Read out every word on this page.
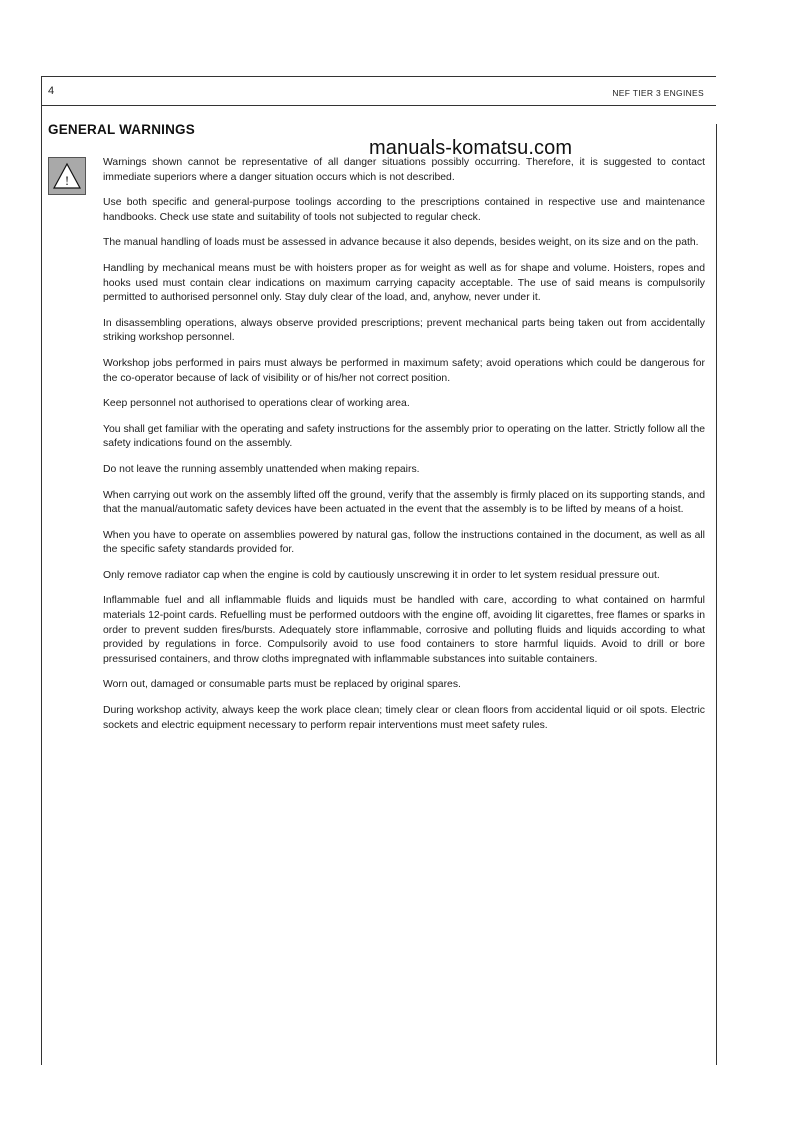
4	NEF TIER 3 ENGINES
GENERAL WARNINGS
manuals-komatsu.com
!

Warnings shown cannot be representative of all danger situations possibly occurring. Therefore, it is suggested to contact immediate superiors where a danger situation occurs which is not described.

Use both specific and general-purpose toolings according to the prescriptions contained in respective use and maintenance handbooks. Check use state and suitability of tools not subjected to regular check.

The manual handling of loads must be assessed in advance because it also depends, besides weight, on its size and on the path.

Handling by mechanical means must be with hoisters proper as for weight as well as for shape and volume. Hoisters, ropes and hooks used must contain clear indications on maximum carrying capacity acceptable. The use of said means is compulsorily permitted to authorised personnel only. Stay duly clear of the load, and, anyhow, never under it.

In disassembling operations, always observe provided prescriptions; prevent mechanical parts being taken out from accidentally striking workshop personnel.

Workshop jobs performed in pairs must always be performed in maximum safety; avoid operations which could be dangerous for the co-operator because of lack of visibility or of his/her not correct position.

Keep personnel not authorised to operations clear of working area.

You shall get familiar with the operating and safety instructions for the assembly prior to operating on the latter. Strictly follow all the safety indications found on the assembly.

Do not leave the running assembly unattended when making repairs.

When carrying out work on the assembly lifted off the ground, verify that the assembly is firmly placed on its supporting stands, and that the manual/automatic safety devices have been actuated in the event that the assembly is to be lifted by means of a hoist.

When you have to operate on assemblies powered by natural gas, follow the instructions contained in the document, as well as all the specific safety standards provided for.

Only remove radiator cap when the engine is cold by cautiously unscrewing it in order to let system residual pressure out.

Inflammable fuel and all inflammable fluids and liquids must be handled with care, according to what contained on harmful materials 12-point cards. Refuelling must be performed outdoors with the engine off, avoiding lit cigarettes, free flames or sparks in order to prevent sudden fires/bursts. Adequately store inflammable, corrosive and polluting fluids and liquids according to what provided by regulations in force. Compulsorily avoid to use food containers to store harmful liquids. Avoid to drill or bore pressurised containers, and throw cloths impregnated with inflammable substances into suitable containers.

Worn out, damaged or consumable parts must be replaced by original spares.

During workshop activity, always keep the work place clean; timely clear or clean floors from accidental liquid or oil spots. Electric sockets and electric equipment necessary to perform repair interventions must meet safety rules.
